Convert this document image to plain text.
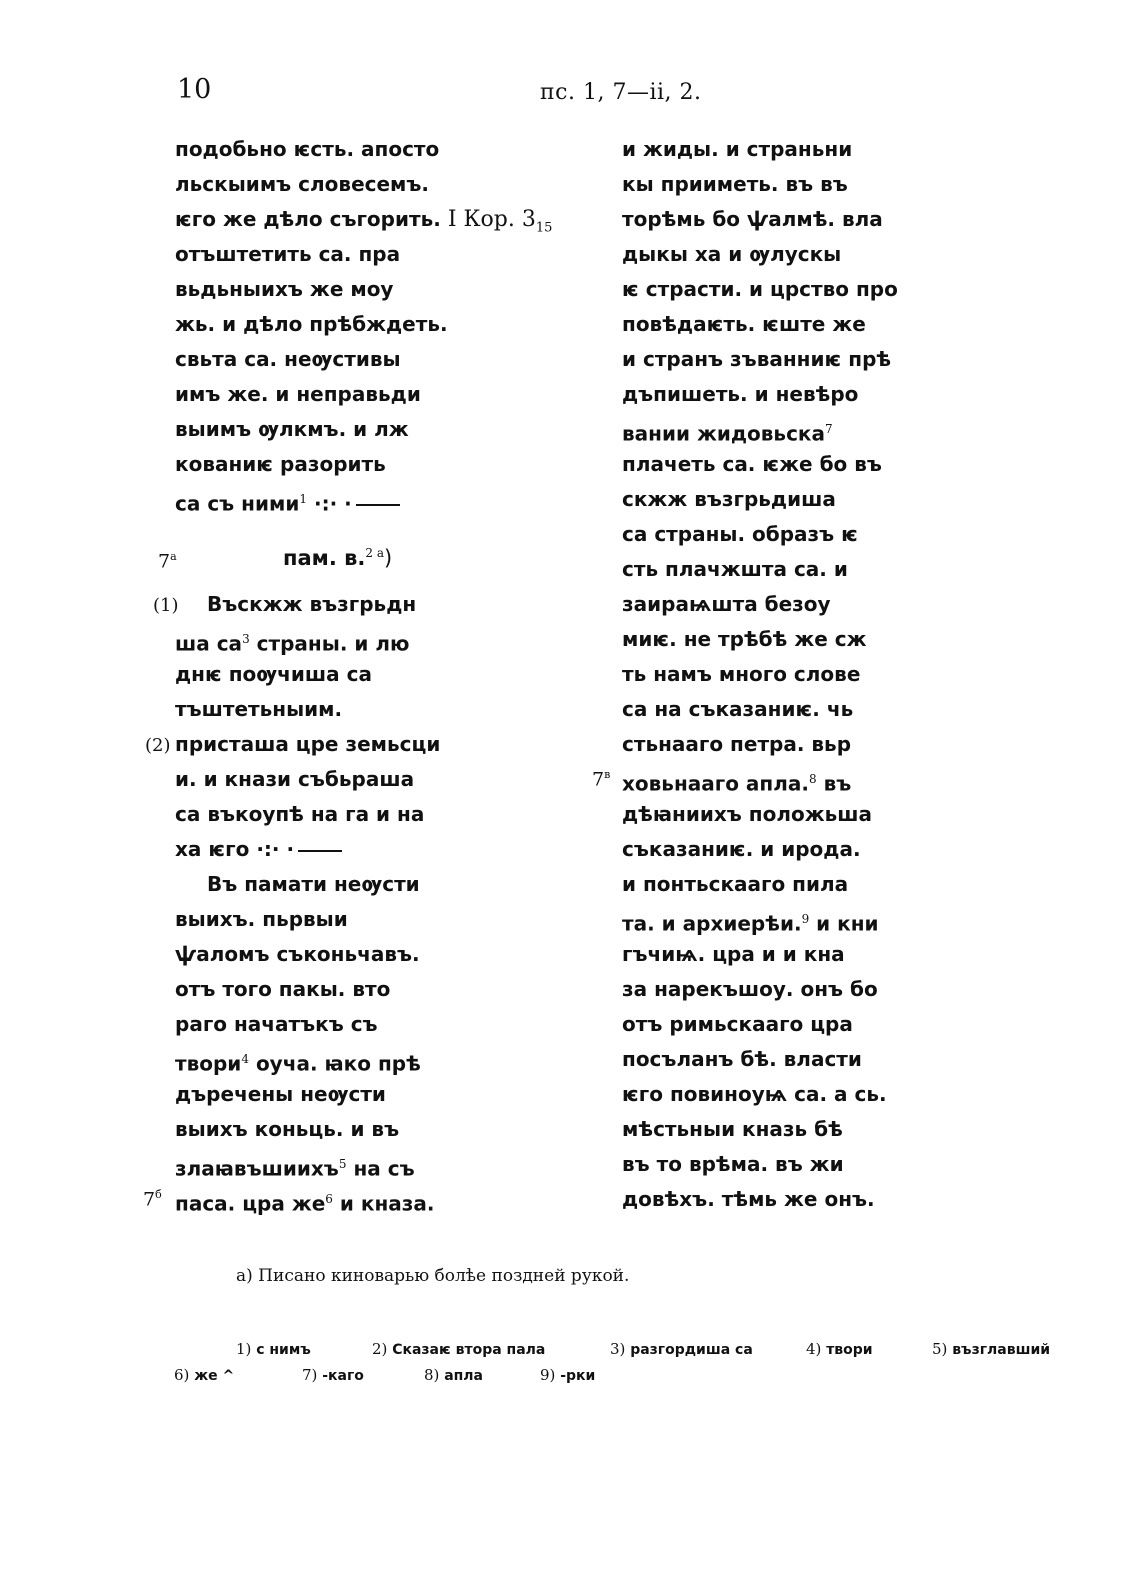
10	пс. 1, 7—ii, 2.
подобьно ѥсть. апосто
льскыимъ словесемъ.
ѥго же дѣло съгорить. I Кор. $3_{15}$
отъштетить са. пра
вьдьныихъ же моу
жь. и дѣло прѣбждеть.
свьта са. неѹстивы
имъ же. и неправьди
выимъ ѹлкмъ. и лж
кованиѥ разорить
са съ ними$^1$ ·:· ·
$7^а$	пам. в.$^{2 а}$)
(1) Въскжж възгрьдн
ша са$^3$ страны. и лю
днѥ поѹчиша са
тъштетьныим.
(2) присташа цре земьсци
и. и кнази събьраша
са въкоупѣ на га и на
ха ѥго ·:· ·
Въ памати неѹсти
выихъ. пьрвыи
ѱаломъ съконьчавъ.
отъ того пакы. вто
раго начатъкъ съ
твори$^4$ оуча. ꙗко прѣ
дъречены неѹсти
выихъ коньць. и въ
злаꙗвъшиихъ$^5$ на съ
паса. цра же$^6$ и кназа.
$7^б$
и жиды. и страньни
кы прииметь. въ въ
торѣмь бо ѱалмѣ. вла
дыкы ха и ѹлускы
ѥ страсти. и црство про
повѣдаѥть. ѥште же
и странъ зъванниѥ прѣ
дъпишеть. и невѣро
вании жидовьска$^7$
плачеть са. ѥже бо въ
скжж възгрьдиша
са страны. образъ ѥ
сть плачжшта са. и
заираѩшта безоу
миѥ. не трѣбѣ же сж
ть намъ много слове
са на съказаниѥ. чь
стьнааго петра. вьр
ховьнааго апла.$^8$ въ
дѣꙗниихъ положьша
съказаниѥ. и ирода.
и понтьскааго пила
та. и архиерѣи.$^9$ и кни
гъчиѩ. цра и и кна
за нарекъшоу. онъ бо
отъ римьскааго цра
посъланъ бѣ. власти
ѥго повиноуѩ са. а сь.
мѣстьныи кназь бѣ
въ то врѣма. въ жи
довѣхъ. тѣмь же онъ.
$7^в$
а) Писано киноварью болѣе поздней рукой.
1) с нимъ	2) Сказаѥ втора пала	3) разгордиша са	4) твори	5) възглавший
6) же ^	7) -каго	8) апла	9) -рки
